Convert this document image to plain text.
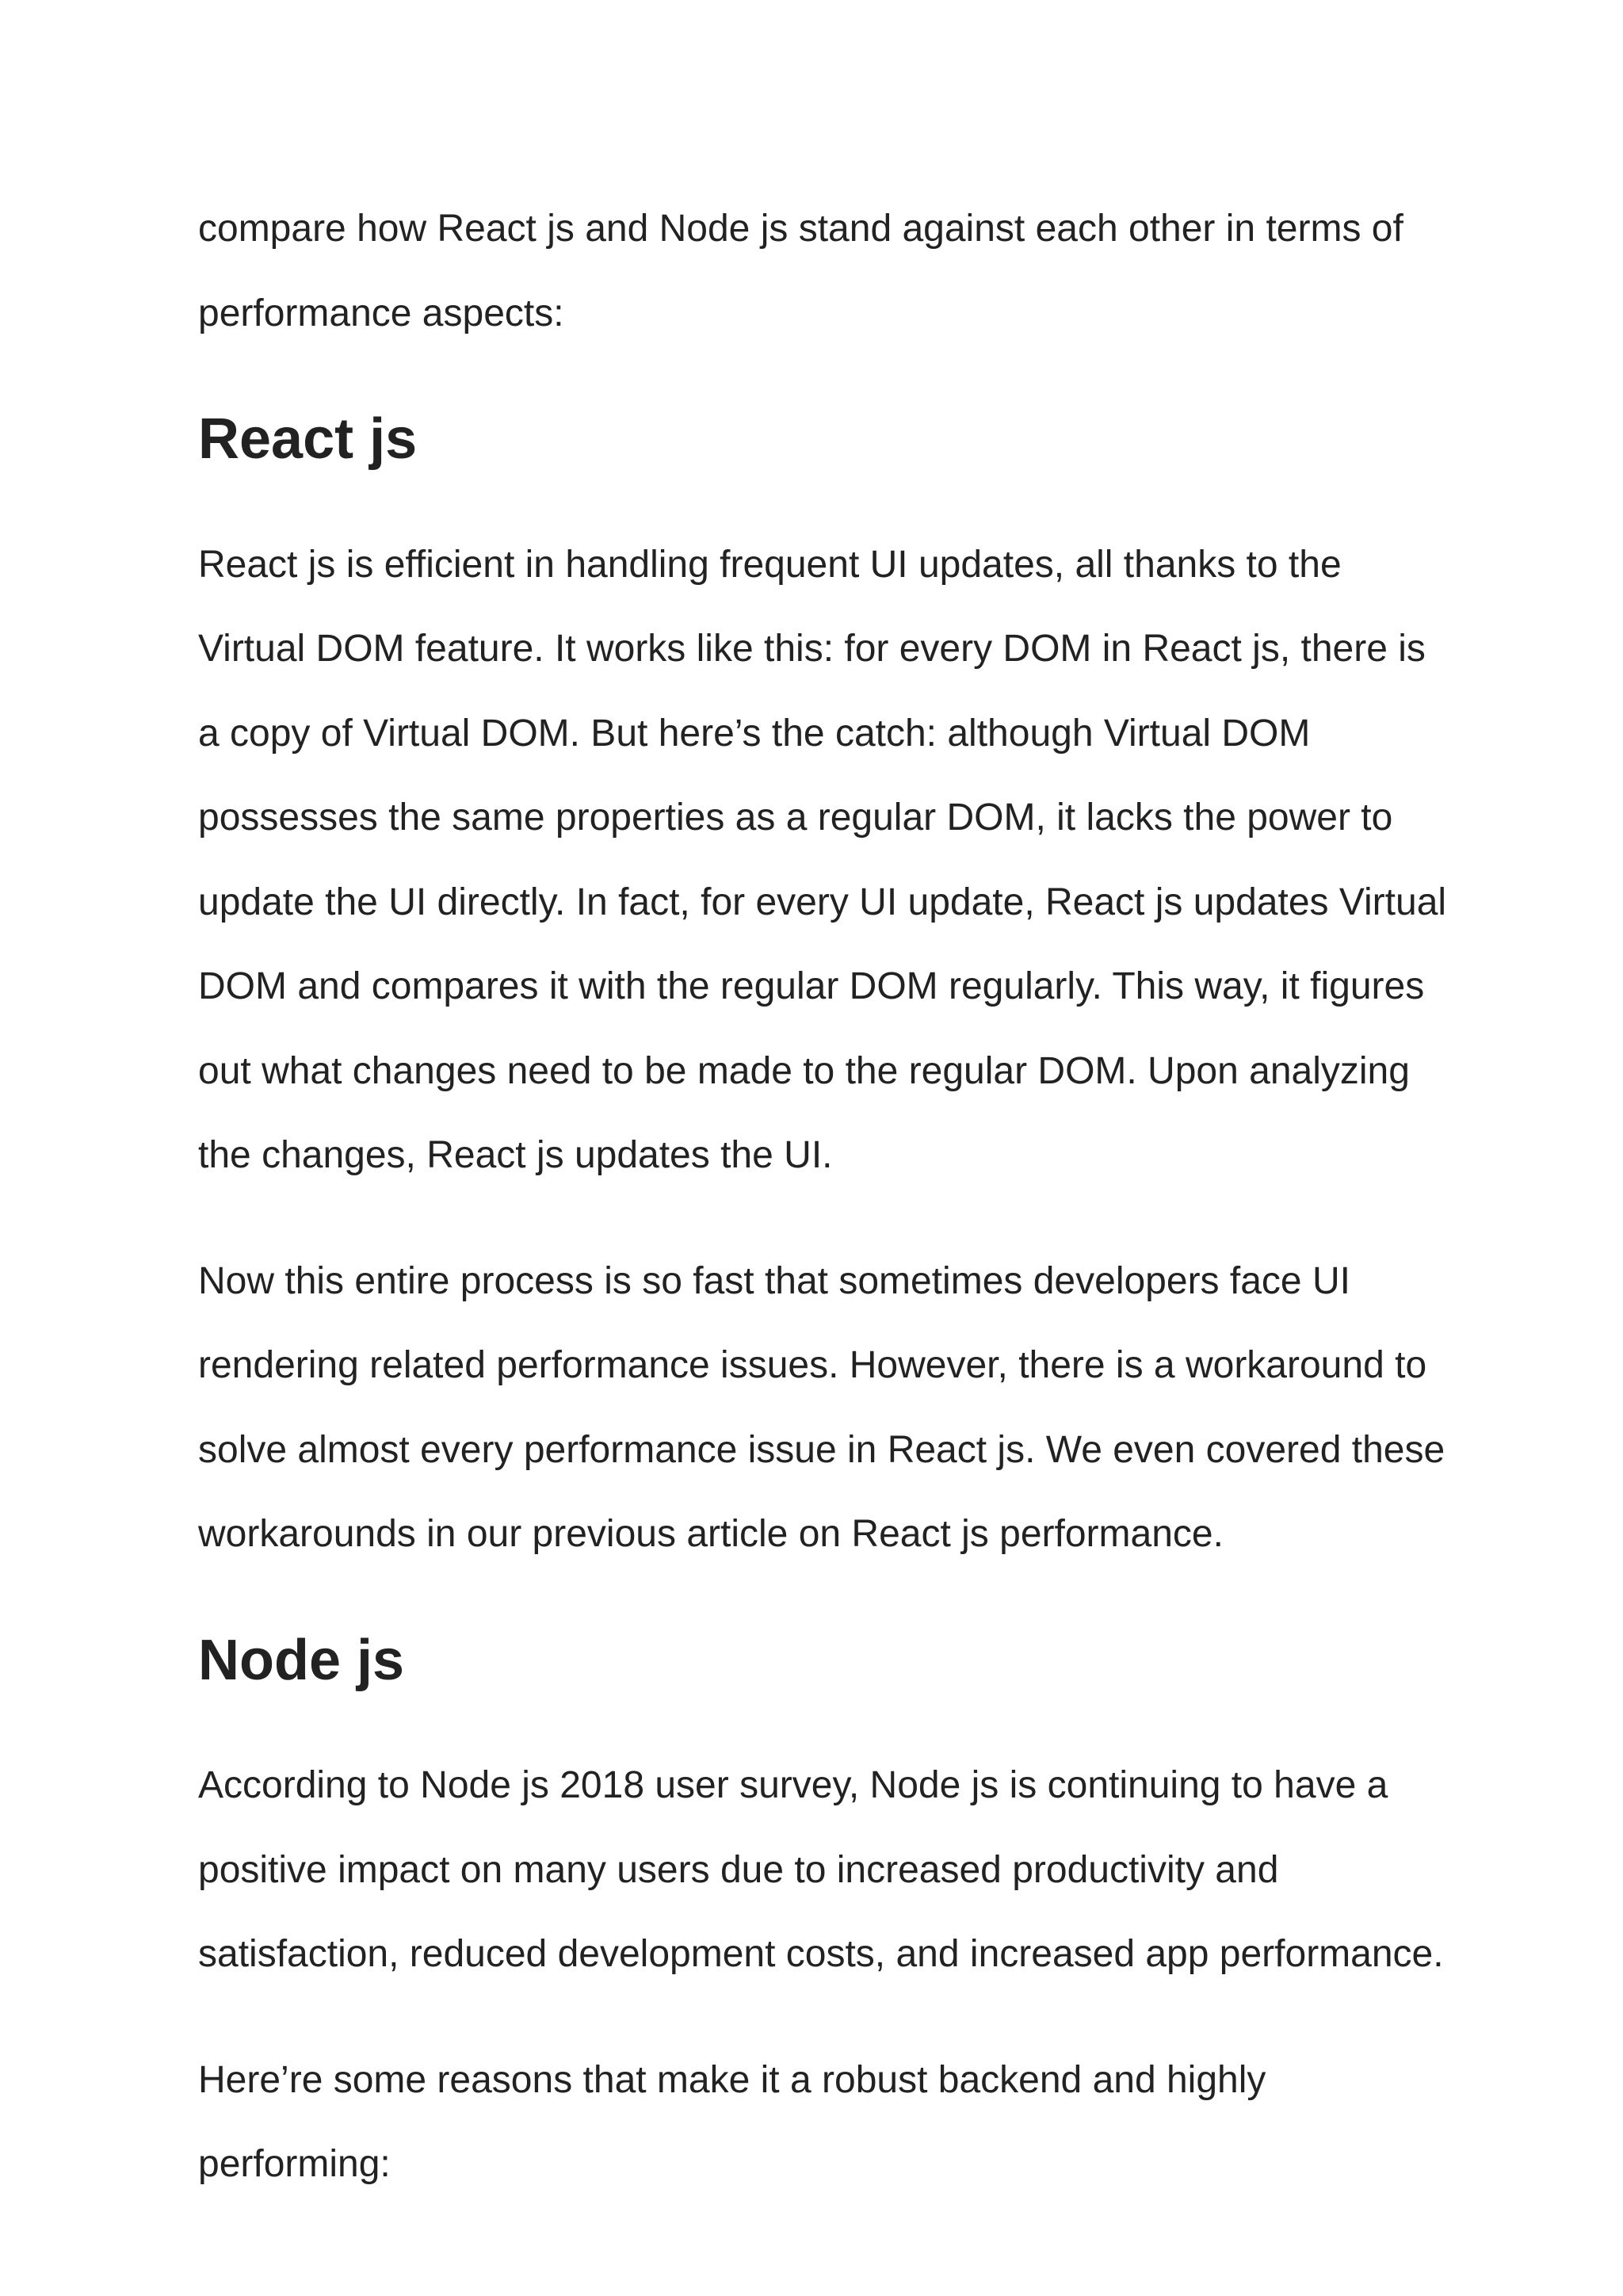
compare how React js and Node js stand against each other in terms of performance aspects:

React js

React js is efficient in handling frequent UI updates, all thanks to the Virtual DOM feature. It works like this: for every DOM in React js, there is a copy of Virtual DOM. But here’s the catch: although Virtual DOM possesses the same properties as a regular DOM, it lacks the power to update the UI directly. In fact, for every UI update, React js updates Virtual DOM and compares it with the regular DOM regularly. This way, it figures out what changes need to be made to the regular DOM. Upon analyzing the changes, React js updates the UI.

Now this entire process is so fast that sometimes developers face UI rendering related performance issues. However, there is a workaround to solve almost every performance issue in React js. We even covered these workarounds in our previous article on React js performance.

Node js

According to Node js 2018 user survey, Node js is continuing to have a positive impact on many users due to increased productivity and satisfaction, reduced development costs, and increased app performance.

Here’re some reasons that make it a robust backend and highly performing:
